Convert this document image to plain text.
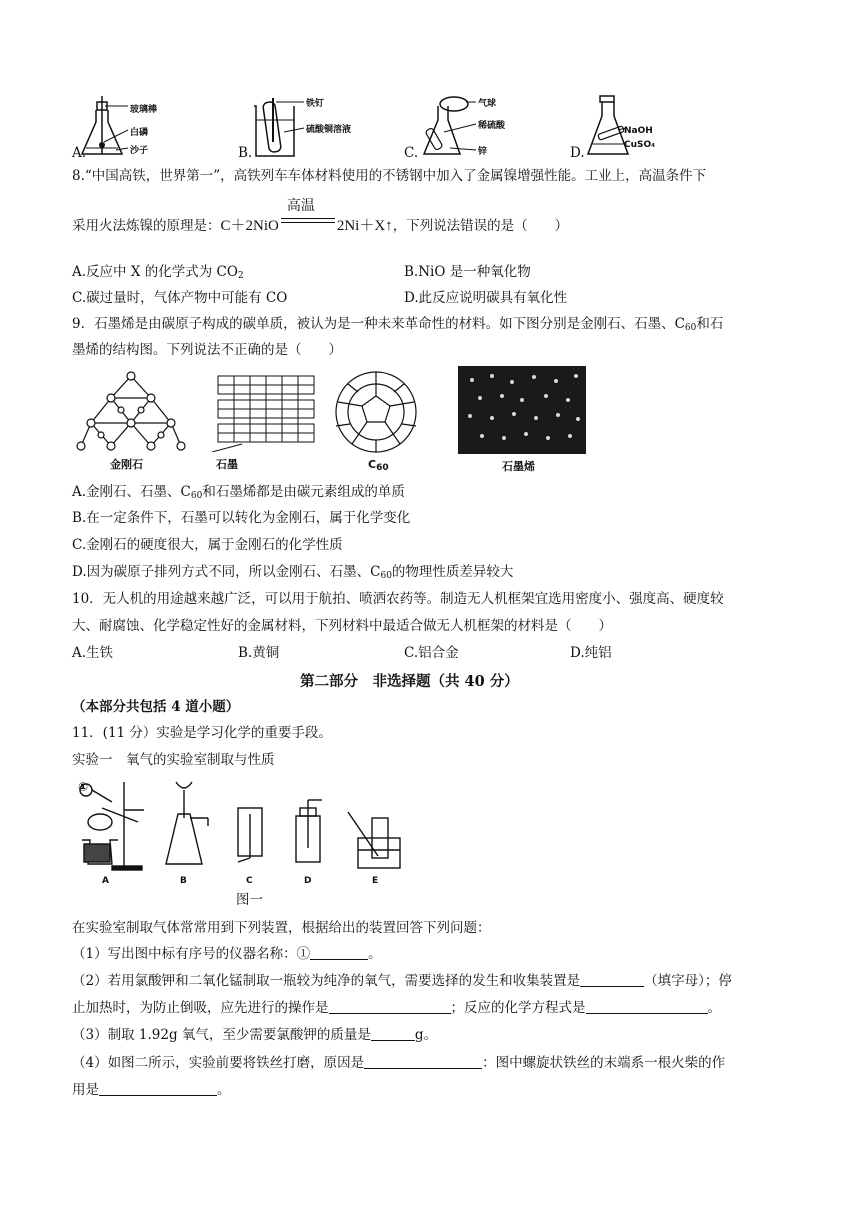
玻璃棒
白磷
沙子
A.
铁钉
硫酸铜溶液
B.
气球
稀硫酸
锌
C.
NaOH
CuSO₄
D.
8.“中国高铁，世界第一”，高铁列车车体材料使用的不锈钢中加入了金属镍增强性能。工业上，高温条件下
采用火法炼镍的原理是：C＋2NiO
高温
2Ni＋X↑，下列说法错误的是（　　）
A.反应中 X 的化学式为 $CO_2$	B.NiO 是一种氧化物
C.碳过量时，气体产物中可能有 CO	D.此反应说明碳具有氧化性
9．石墨烯是由碳原子构成的碳单质，被认为是一种未来革命性的材料。如下图分别是金刚石、石墨、$C_{60}$和石
墨烯的结构图。下列说法不正确的是（　　）
金刚石	石墨	$C_{60}$	石墨烯
A.金刚石、石墨、$C_{60}$和石墨烯都是由碳元素组成的单质
B.在一定条件下，石墨可以转化为金刚石，属于化学变化
C.金刚石的硬度很大，属于金刚石的化学性质
D.因为碳原子排列方式不同，所以金刚石、石墨、$C_{60}$的物理性质差异较大
10．无人机的用途越来越广泛，可以用于航拍、喷洒农药等。制造无人机框架宜选用密度小、强度高、硬度较
大、耐腐蚀、化学稳定性好的金属材料，下列材料中最适合做无人机框架的材料是（　　）
A.生铁	B.黄铜	C.铝合金	D.纯铝
第二部分　非选择题（共 40 分）
（本部分共包括 4 道小题）
11．(11 分）实验是学习化学的重要手段。
实验一　氧气的实验室制取与性质
①
A	B	C	D	E
图一
在实验室制取气体常常用到下列装置，根据给出的装置回答下列问题：
（1）写出图中标有序号的仪器名称：①	。
（2）若用氯酸钾和二氧化锰制取一瓶较为纯净的氧气，需要选择的发生和收集装置是	（填字母）；停
止加热时，为防止倒吸，应先进行的操作是	；反应的化学方程式是	。
（3）制取 1.92g 氧气，至少需要氯酸钾的质量是	g。
（4）如图二所示，实验前要将铁丝打磨，原因是	：图中螺旋状铁丝的末端系一根火柴的作
用是	。
